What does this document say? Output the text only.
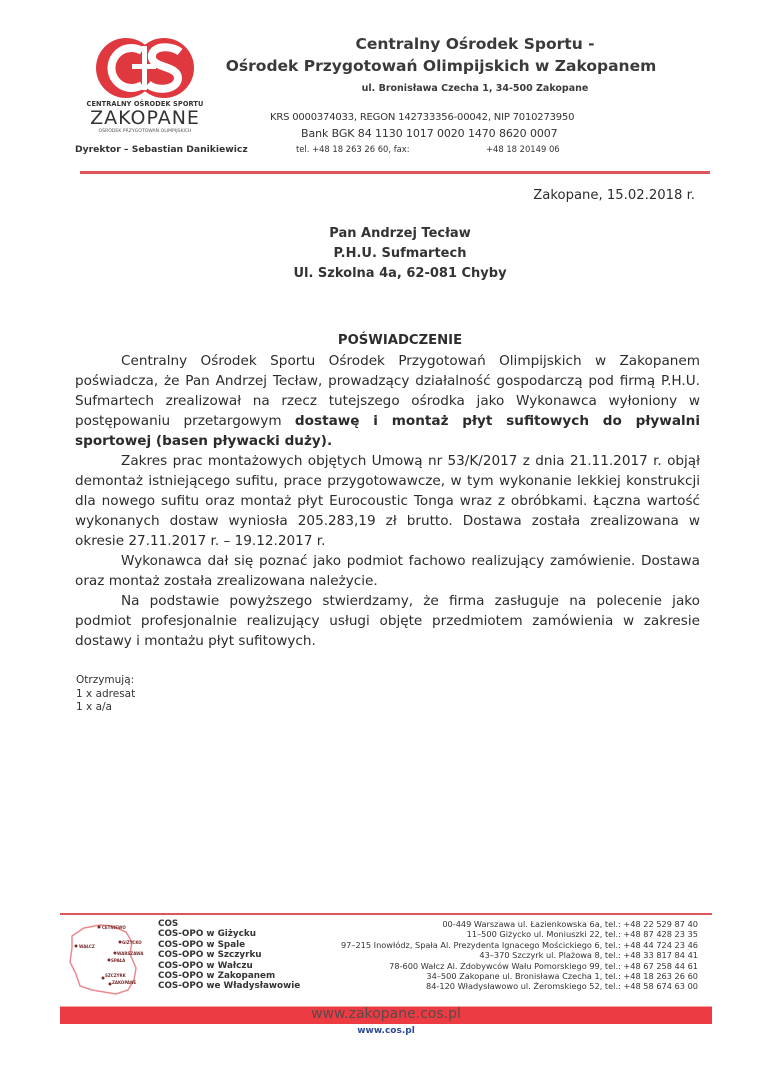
CENTRALNY OŚRODEK SPORTU
ZAKOPANE
OŚRODEK PRZYGOTOWAŃ OLIMPIJSKICH
Dyrektor – Sebastian Danikiewicz
Centralny Ośrodek Sportu -
Ośrodek Przygotowań Olimpijskich w Zakopanem
ul. Bronisława Czecha 1, 34-500 Zakopane
KRS 0000374033, REGON 142733356-00042, NIP 7010273950
Bank BGK 84 1130 1017 0020 1470 8620 0007
tel. +48 18 263 26 60, fax:	+48 18 20149 06
Zakopane, 15.02.2018 r.
Pan Andrzej Tecław
P.H.U. Sufmartech
Ul. Szkolna 4a, 62-081 Chyby
POŚWIADCZENIE

Centralny Ośrodek Sportu Ośrodek Przygotowań Olimpijskich w Zakopanem poświadcza, że Pan Andrzej Tecław, prowadzący działalność gospodarczą pod firmą P.H.U. Sufmartech zrealizował na rzecz tutejszego ośrodka jako Wykonawca wyłoniony w postępowaniu przetargowym dostawę i montaż płyt sufitowych do pływalni sportowej (basen pływacki duży).

Zakres prac montażowych objętych Umową nr 53/K/2017 z dnia 21.11.2017 r. objął demontaż istniejącego sufitu, prace przygotowawcze, w tym wykonanie lekkiej konstrukcji dla nowego sufitu oraz montaż płyt Eurocoustic Tonga wraz z obróbkami. Łączna wartość wykonanych dostaw wyniosła 205.283,19 zł brutto. Dostawa została zrealizowana w okresie 27.11.2017 r. – 19.12.2017 r.

Wykonawca dał się poznać jako podmiot fachowo realizujący zamówienie. Dostawa oraz montaż została zrealizowana należycie.

Na podstawie powyższego stwierdzamy, że firma zasługuje na polecenie jako podmiot profesjonalnie realizujący usługi objęte przedmiotem zamówienia w zakresie dostawy i montażu płyt sufitowych.

Otrzymują:
1 x adresat
1 x a/a
CETNIEWO
GIŻYCKO
WAŁCZ
WARSZAWA
SPAŁA
SZCZYRK
ZAKOPANE
COS
COS-OPO w Giżycku
COS-OPO w Spale
COS-OPO w Szczyrku
COS-OPO w Wałczu
COS-OPO w Zakopanem
COS-OPO we Władysławowie
00-449 Warszawa ul. Łazienkowska 6a, tel.: +48 22 529 87 40
11–500 Giżycko ul. Moniuszki 22, tel.: +48 87 428 23 35
97–215 Inowłódz, Spała Al. Prezydenta Ignacego Mościckiego 6, tel.: +48 44 724 23 46
43–370 Szczyrk ul. Plażowa 8, tel.: +48 33 817 84 41
78-600 Wałcz Al. Zdobywców Wału Pomorskiego 99, tel.: +48 67 258 44 61
34–500 Zakopane ul. Bronisława Czecha 1, tel.: +48 18 263 26 60
84-120 Władysławowo ul. Żeromskiego 52, tel.: +48 58 674 63 00
www.zakopane.cos.pl
www.cos.pl
